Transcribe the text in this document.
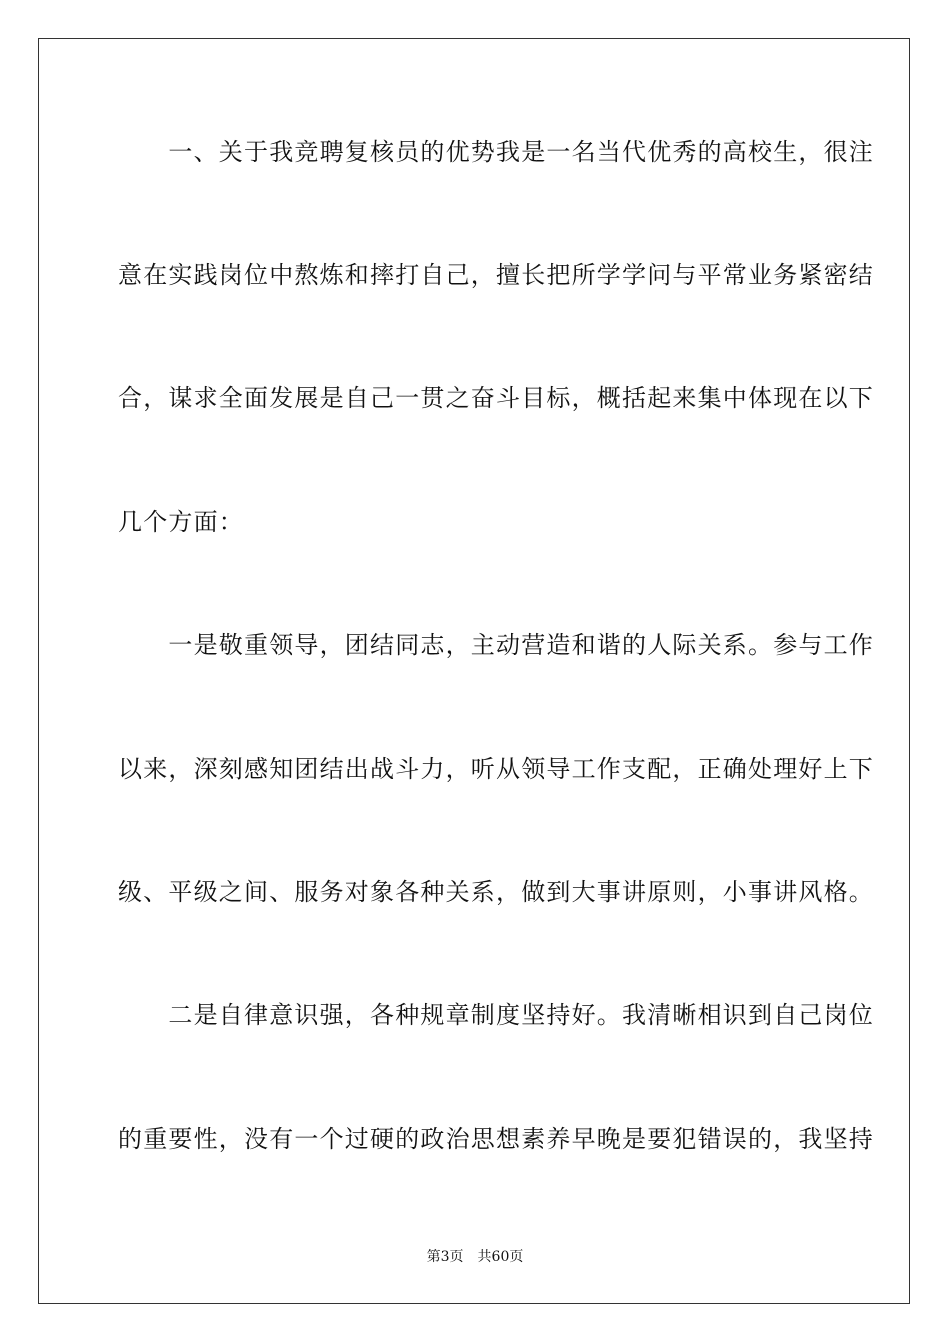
　　一、关于我竞聘复核员的优势我是一名当代优秀的高校生，很注
意在实践岗位中熬炼和摔打自己，擅长把所学学问与平常业务紧密结
合，谋求全面发展是自己一贯之奋斗目标，概括起来集中体现在以下
几个方面：
　　一是敬重领导，团结同志，主动营造和谐的人际关系。参与工作
以来，深刻感知团结出战斗力，听从领导工作支配，正确处理好上下
级、平级之间、服务对象各种关系，做到大事讲原则，小事讲风格。
　　二是自律意识强，各种规章制度坚持好。我清晰相识到自己岗位
的重要性，没有一个过硬的政治思想素养早晚是要犯错误的，我坚持
第3页 共60页
